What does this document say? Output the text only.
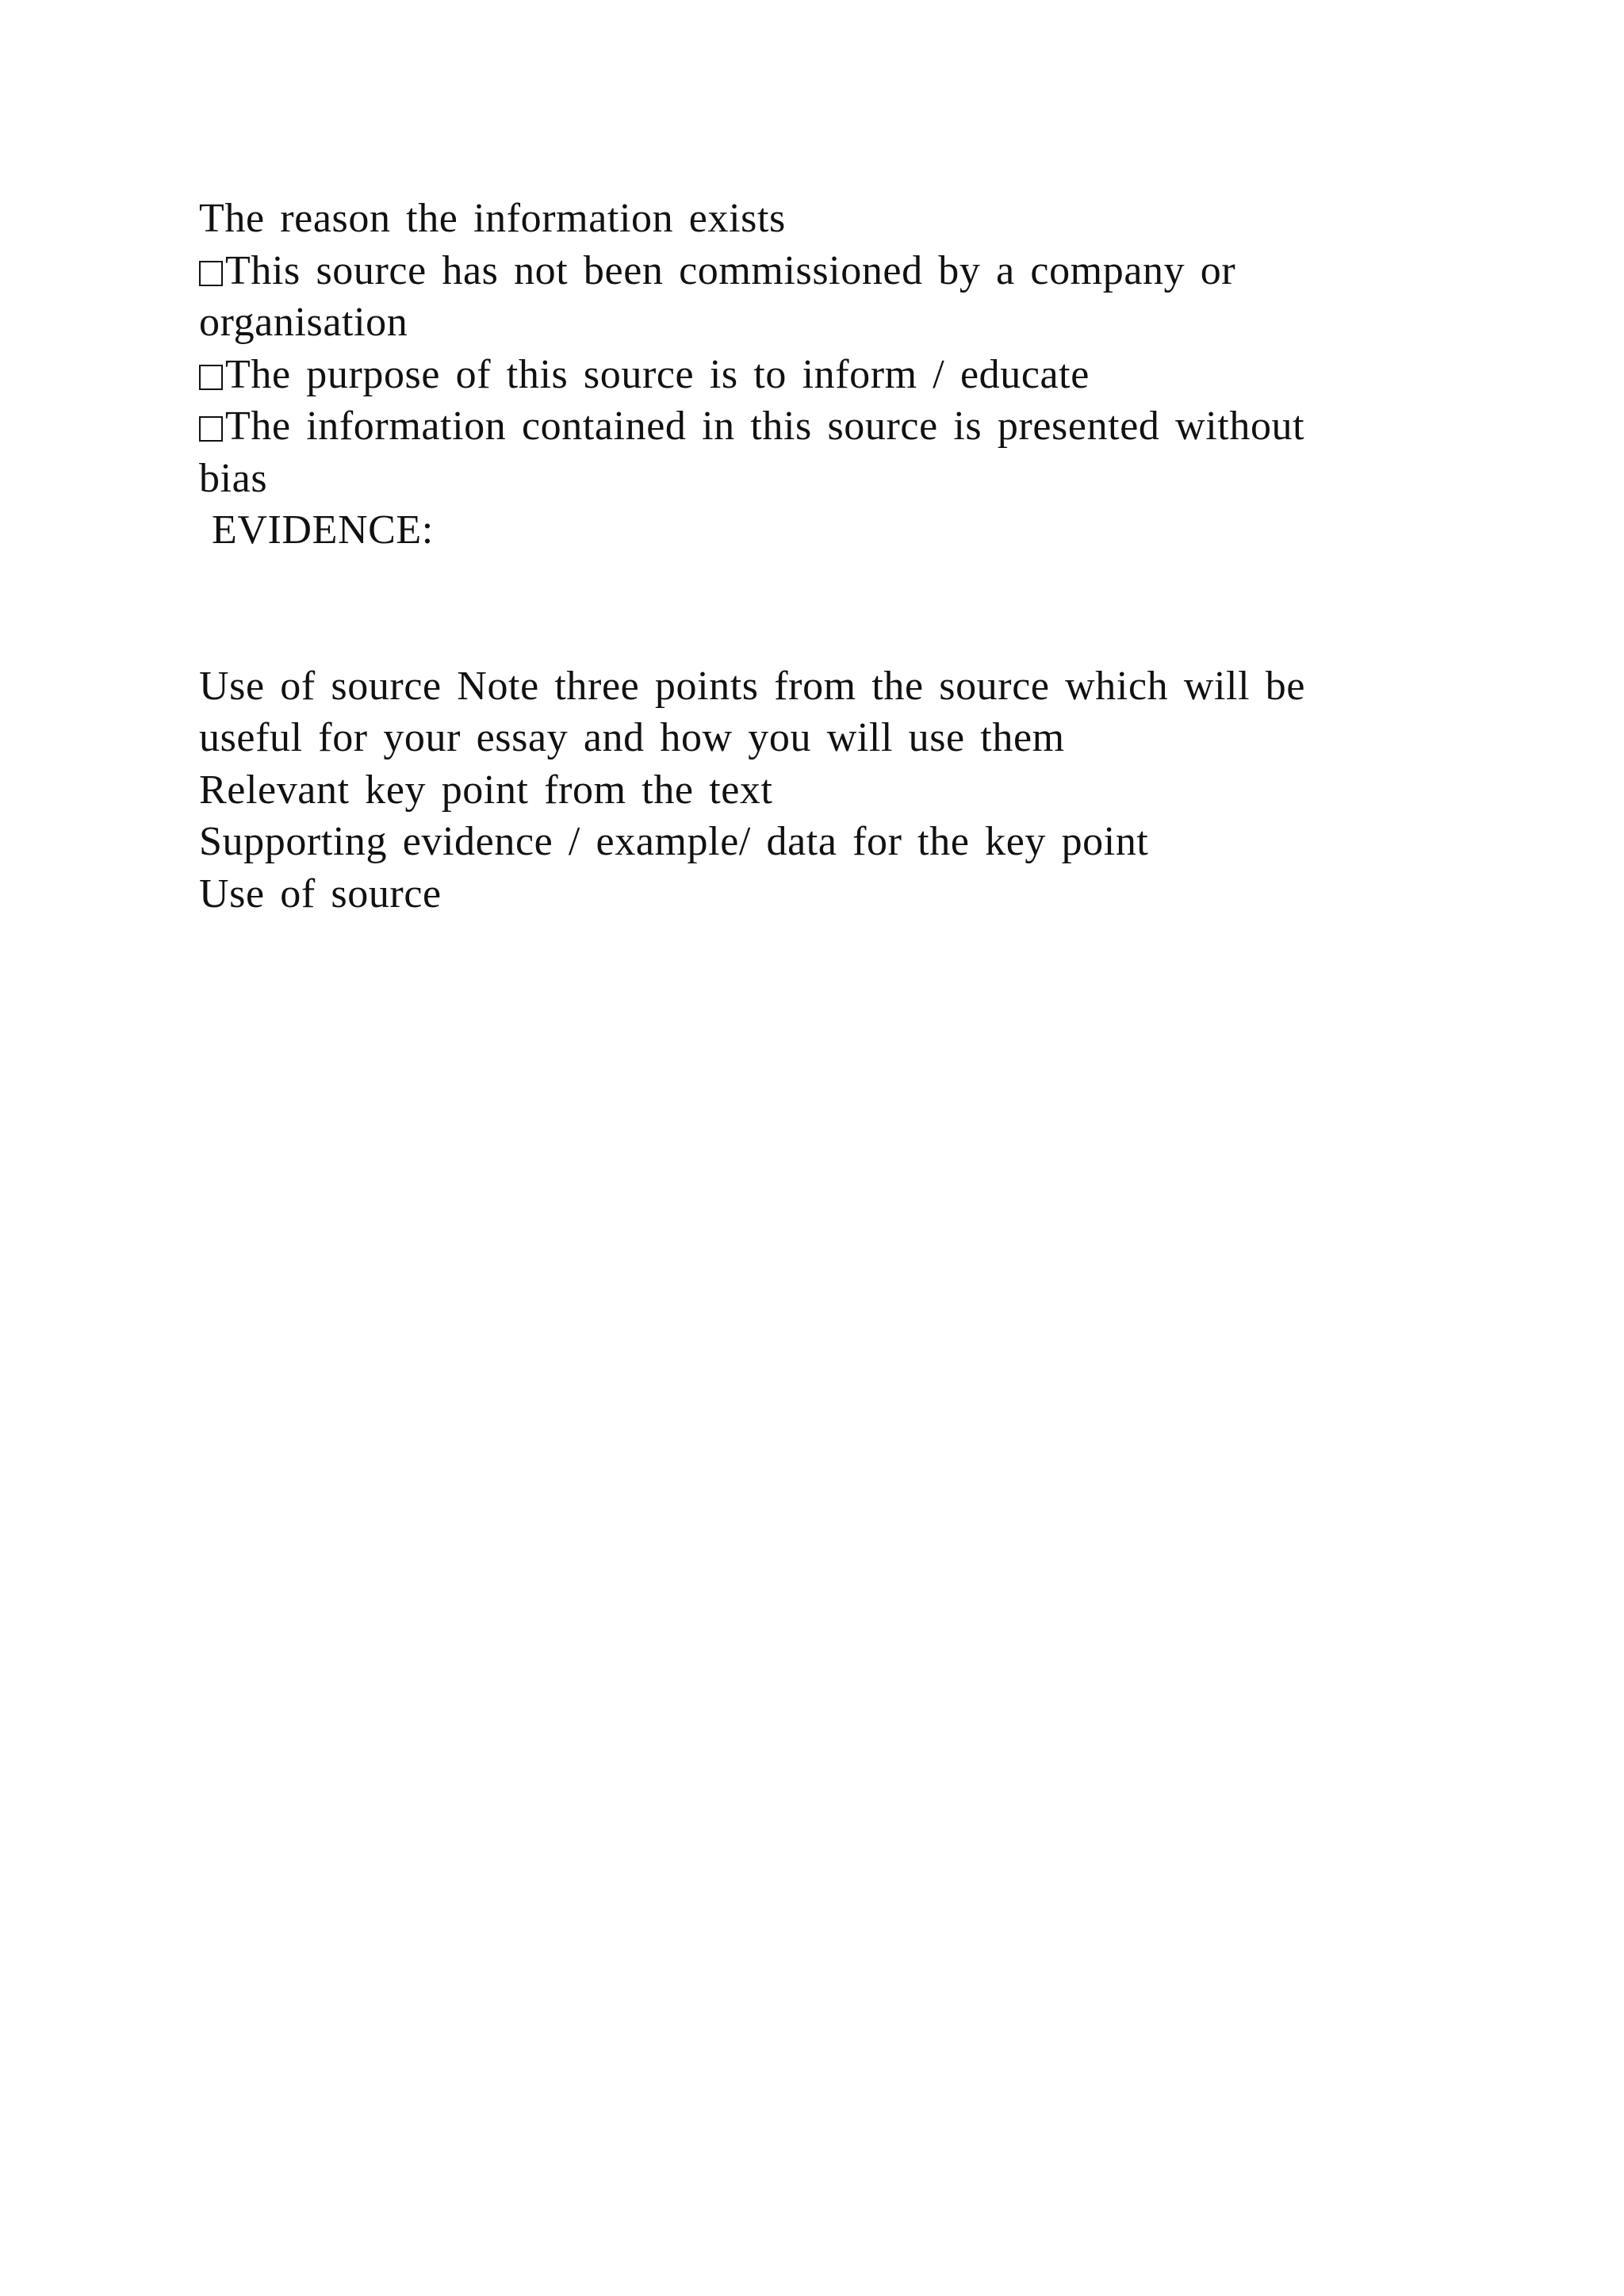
The reason the information exists
This source has not been commissioned by a company or
organisation
The purpose of this source is to inform / educate
The information contained in this source is presented without
bias
EVIDENCE:
Use of source Note three points from the source which will be
useful for your essay and how you will use them
Relevant key point from the text
Supporting evidence / example/ data for the key point
Use of source
